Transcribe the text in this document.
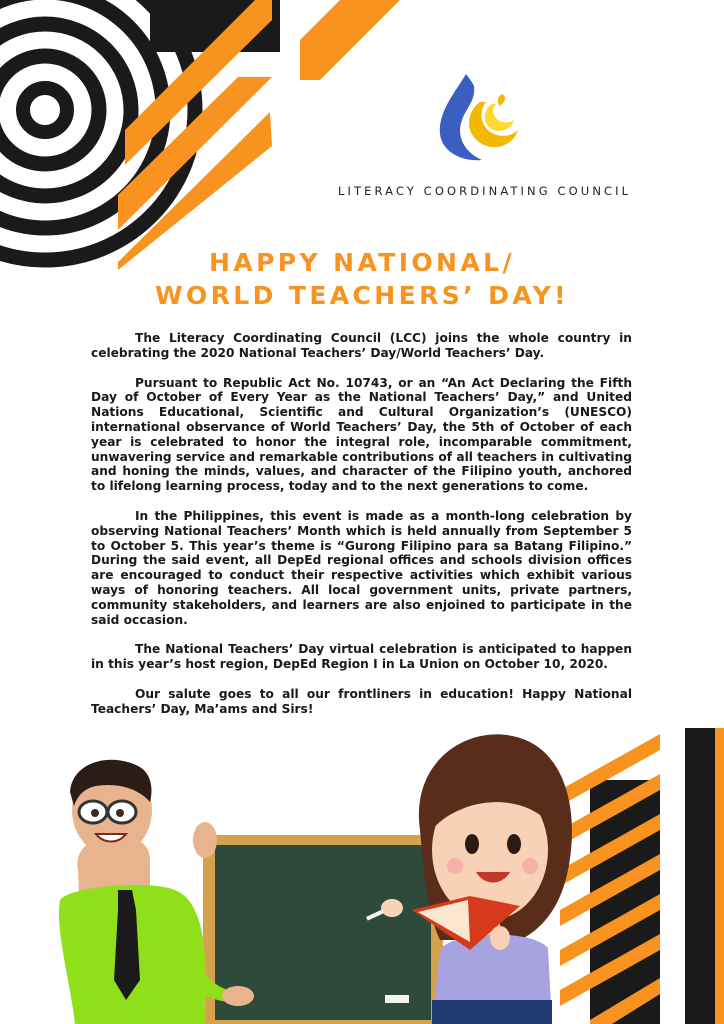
LITERACY COORDINATING COUNCIL
HAPPY NATIONAL/
WORLD TEACHERS’ DAY!

The Literacy Coordinating Council (LCC) joins the whole country in celebrating the 2020 National Teachers’ Day/World Teachers’ Day.

Pursuant to Republic Act No. 10743, or an “An Act Declaring the Fifth Day of October of Every Year as the National Teachers’ Day,” and United Nations Educational, Scientific and Cultural Organization’s (UNESCO) international observance of World Teachers’ Day, the 5th of October of each year is celebrated to honor the integral role, incomparable commitment, unwavering service and remarkable contributions of all teachers in cultivating and honing the minds, values, and character of the Filipino youth, anchored to lifelong learning process, today and to the next generations to come.

In the Philippines, this event is made as a month-long celebration by observing National Teachers’ Month which is held annually from September 5 to October 5. This year’s theme is “Gurong Filipino para sa Batang Filipino.” During the said event, all DepEd regional offices and schools division offices are encouraged to conduct their respective activities which exhibit various ways of honoring teachers. All local government units, private partners, community stakeholders, and learners are also enjoined to participate in the said occasion.

The National Teachers’ Day virtual celebration is anticipated to happen in this year’s host region, DepEd Region I in La Union on October 10, 2020.

Our salute goes to all our frontliners in education! Happy National Teachers’ Day, Ma’ams and Sirs!
